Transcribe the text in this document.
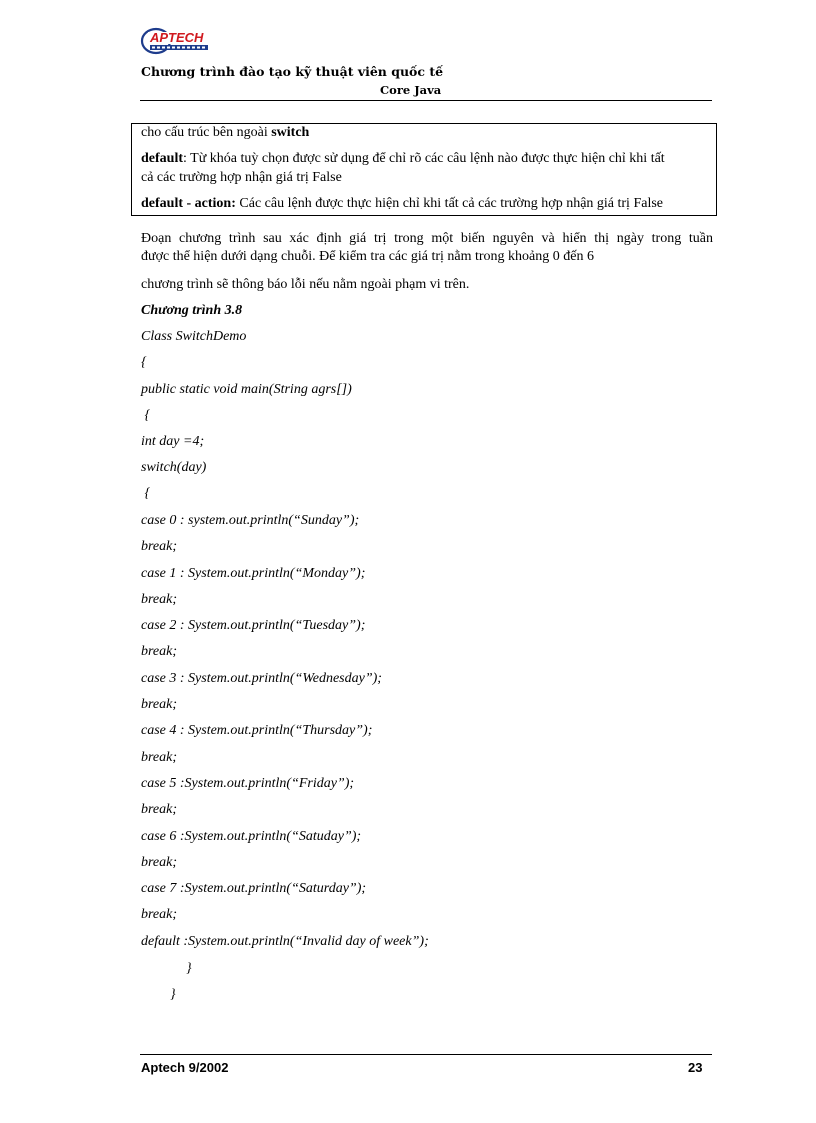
APTECH
Chương trình đào tạo kỹ thuật viên quốc tế
Core Java
cho cấu trúc bên ngoài switch
default: Từ khóa tuỳ chọn được sử dụng để chỉ rõ các câu lệnh nào được thực hiện chỉ khi tất
cả các trường hợp nhận giá trị False
default - action: Các câu lệnh được thực hiện chỉ khi tất cả các trường hợp nhận giá trị False
Đoạn chương trình sau xác định giá trị trong một biến nguyên và hiển thị ngày trong tuần
được thể hiện dưới dạng chuỗi. Để kiểm tra các giá trị nằm trong khoảng 0 đến 6
chương trình sẽ thông báo lỗi nếu nằm ngoài phạm vi trên.
Chương trình 3.8
Class SwitchDemo
{
public static void main(String agrs[])
{
int day =4;
switch(day)
{
case 0 : system.out.println(“Sunday”);
break;
case 1 : System.out.println(“Monday”);
break;
case 2 : System.out.println(“Tuesday”);
break;
case 3 : System.out.println(“Wednesday”);
break;
case 4 : System.out.println(“Thursday”);
break;
case 5 :System.out.println(“Friday”);
break;
case 6 :System.out.println(“Satuday”);
break;
case 7 :System.out.println(“Saturday”);
break;
default :System.out.println(“Invalid day of week”);
}
}
Aptech 9/2002	23
